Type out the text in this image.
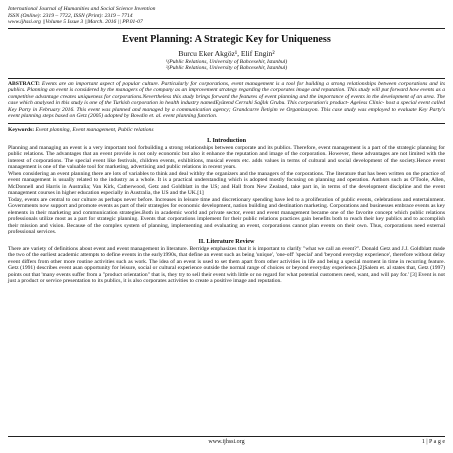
International Journal of Humanities and Social Science Invention
ISSN (Online): 2319 – 7722, ISSN (Print): 2319 – 7714
www.ijhssi.org ||Volume 5 Issue 3 ||March. 2016 || PP.01-07
Event Planning: A Strategic Key for Uniqueness
Burcu Eker Akgöz¹, Elif Engin²
¹(Public Relations, University of Bahcesehir, Istanbul)
²(Public Relations, University of Bahcesehir, Istanbul)
ABSTRACT: Events are an important aspect of popular culture. Particularly for corporations, event management is a tool for building a strong relationships between corporations and its publics. Planning an event is considered by the managers of the company as an improvement strategy regarding the corporates image and reputation. This study will put forward how events as a competitive advantage creates uniqueness for corporations.Nevertheless this study brings forward the features of event planning and the importance of events in the development of an area. The case which analysed in this study is one of the Turkish corporation in health industry namedEyütend Cerrahi Sağlık Grubu. This corporation's product- Ageless Clinic- host a special event called Key Party in February 2016. This event was planned and managed by a communication agency; Grandcarre İletişim ve Organizasyon. This case study was employed to evaluate Key Party's event planning steps based on Getz (2005) adopted by Bowdin et. al. event planning function.
Keywords: Event planning, Event management, Public relations
I. Introduction

Planning and managing an event is a very important tool forbuilding a strong relationships between corporate and its publics. Therefore, event management is a part of the strategic planning for public relations. The advantages that an event provide is not only economic but also it enhance the reputation and image of the corporation. However, these advantages are not limited with the interest of corporations. The special event like festivals, children events, exhibitions, musical events etc. adds values in terms of cultural and social development of the society.Hence event management is one of the valuable tool for marketing, advertising and public relations in recent years.

When considering an event planning there are lots of variables to think and deal withby the organizers and the managers of the corporations. The literature that has been written on the practice of event management is usually related to the industry as a whole. It is a practical understanding which is adopted mostly focusing on planning and operation. Authors such as O'Toole, Allen, McDonnell and Harris in Australia; Van Kirk, Catherwood, Getz and Goldblatt in the US; and Hall from New Zealand, take part in, in terms of the development discipline and the event management courses in higher education especially in Australia, the US and the UK.[1]

Today, events are central to our culture as perhaps never before. Increases in leisure time and discretionary spending have led to a proliferation of public events, celebrations and entertainment. Governments now support and promote events as part of their strategies for economic development, nation building and destination marketing. Corporations and businesses embrace events as key elements in their marketing and communication strategies.Both in academic world and private sector, event and event management became one of the favorite concept which public relations professionals utilize most as a part for strategic planning. Events that corporations implement for their public relations practices gain benefits both to reach their key publics and to accomplish their mission and vision. Because of the complex system of planning, implementing and evaluating an event, corporations cannot plan events on their own. Thus, corporations need external professional services.

II. Literature Review

There are variety of definitions about event and event management in literature. Berridge emphasizes that it is important to clarify "what we call an event?". Donald Getz and J.J. Goldblatt made the two of the earliest academic attempts to define events in the early1990s, that define an event such as being 'unique', 'one-off' 'special' and 'beyond everyday experience', therefore without delay event differs from other more routine activities such as work. The idea of an event is used to set them apart from other activities in life and being a special moment in time in recurring feature. Getz (1991) describes event asan opportunity for leisure, social or cultural experience outside the normal range of choices or beyond everyday experience.[2]Salem et. al states that, Getz (1997) points out that 'many events suffer from a "product orientation" that is, they try to sell their event with little or no regard for what potential customers need, want, and will pay for.' [3] Event is not just a product or service presentation to its publics, it is also corporates activities to create a positive image and reputation.

www.ijhssi.org	1 | P a g e
